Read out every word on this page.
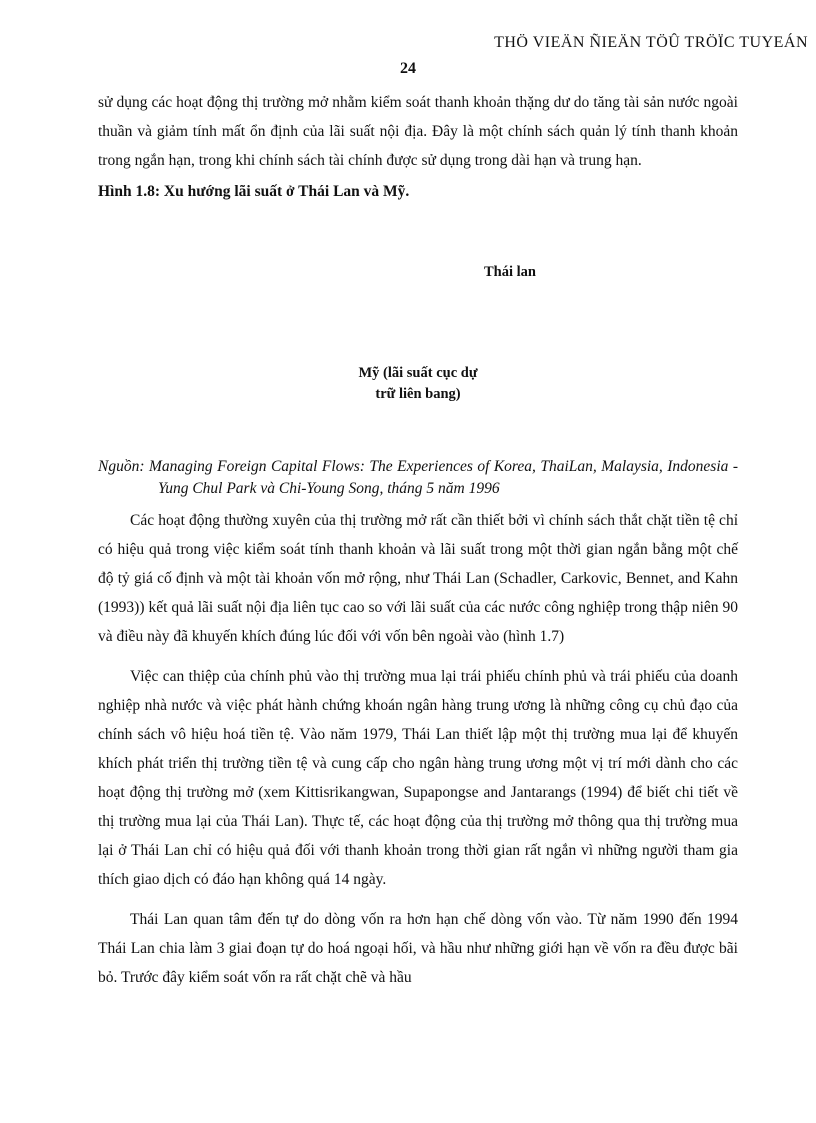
THÖ VIEÄN ÑIEÄN TÖÛ TRÖÏC TUYEÁN
24

sử dụng các hoạt động thị trường mở nhằm kiểm soát thanh khoản thặng dư do tăng tài sản nước ngoài thuần và giảm tính mất ổn định của lãi suất nội địa. Đây là một chính sách quản lý tính thanh khoản trong ngắn hạn, trong khi chính sách tài chính được sử dụng trong dài hạn và trung hạn.

Hình 1.8: Xu hướng lãi suất ở Thái Lan và Mỹ.

Thái lan
Mỹ (lãi suất cục dự
trữ liên bang)

Nguồn: Managing Foreign Capital Flows: The Experiences of Korea, ThaiLan, Malaysia, Indonesia - Yung Chul Park và Chi-Young Song, tháng 5 năm 1996

Các hoạt động thường xuyên của thị trường mở rất cần thiết bởi vì chính sách thắt chặt tiền tệ chỉ có hiệu quả trong việc kiểm soát tính thanh khoản và lãi suất trong một thời gian ngắn bằng một chế độ tỷ giá cố định và một tài khoản vốn mở rộng, như Thái Lan (Schadler, Carkovic, Bennet, and Kahn (1993)) kết quả lãi suất nội địa liên tục cao so với lãi suất của các nước công nghiệp trong thập niên 90 và điều này đã khuyến khích đúng lúc đối với vốn bên ngoài vào (hình 1.7)

Việc can thiệp của chính phủ vào thị trường mua lại trái phiếu chính phủ và trái phiếu của doanh nghiệp nhà nước và việc phát hành chứng khoán ngân hàng trung ương là những công cụ chủ đạo của chính sách vô hiệu hoá tiền tệ. Vào năm 1979, Thái Lan thiết lập một thị trường mua lại để khuyến khích phát triển thị trường tiền tệ và cung cấp cho ngân hàng trung ương một vị trí mới dành cho các hoạt động thị trường mở (xem Kittisrikangwan, Supapongse and Jantarangs (1994) để biết chi tiết về thị trường mua lại của Thái Lan). Thực tế, các hoạt động của thị trường mở thông qua thị trường mua lại ở Thái Lan chỉ có hiệu quả đối với thanh khoản trong thời gian rất ngắn vì những người tham gia thích giao dịch có đáo hạn không quá 14 ngày.

Thái Lan quan tâm đến tự do dòng vốn ra hơn hạn chế dòng vốn vào. Từ năm 1990 đến 1994 Thái Lan chia làm 3 giai đoạn tự do hoá ngoại hối, và hầu như những giới hạn về vốn ra đều được bãi bỏ. Trước đây kiểm soát vốn ra rất chặt chẽ và hầu
